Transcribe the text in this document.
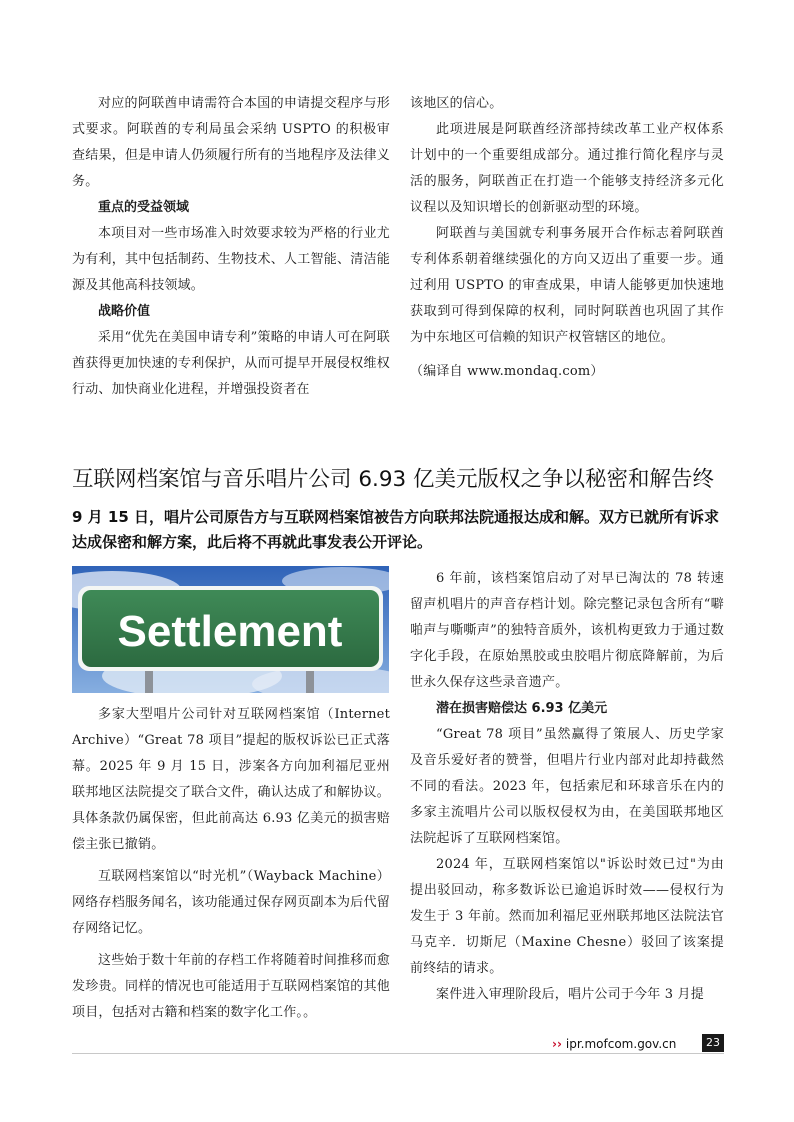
对应的阿联酋申请需符合本国的申请提交程序与形式要求。阿联酋的专利局虽会采纳 USPTO 的积极审查结果，但是申请人仍须履行所有的当地程序及法律义务。

重点的受益领域

本项目对一些市场准入时效要求较为严格的行业尤为有利，其中包括制药、生物技术、人工智能、清洁能源及其他高科技领域。

战略价值

采用“优先在美国申请专利”策略的申请人可在阿联酋获得更加快速的专利保护，从而可提早开展侵权维权行动、加快商业化进程，并增强投资者在

该地区的信心。

此项进展是阿联酋经济部持续改革工业产权体系计划中的一个重要组成部分。通过推行简化程序与灵活的服务，阿联酋正在打造一个能够支持经济多元化议程以及知识增长的创新驱动型的环境。

阿联酋与美国就专利事务展开合作标志着阿联酋专利体系朝着继续强化的方向又迈出了重要一步。通过利用 USPTO 的审查成果，申请人能够更加快速地获取到可得到保障的权利，同时阿联酋也巩固了其作为中东地区可信赖的知识产权管辖区的地位。

（编译自 www.mondaq.com）

互联网档案馆与音乐唱片公司 6.93 亿美元版权之争以秘密和解告终

9 月 15 日，唱片公司原告方与互联网档案馆被告方向联邦法院通报达成和解。双方已就所有诉求达成保密和解方案，此后将不再就此事发表公开评论。

Settlement

多家大型唱片公司针对互联网档案馆（Internet Archive）“Great 78 项目”提起的版权诉讼已正式落幕。2025 年 9 月 15 日，涉案各方向加利福尼亚州联邦地区法院提交了联合文件，确认达成了和解协议。具体条款仍属保密，但此前高达 6.93 亿美元的损害赔偿主张已撤销。

互联网档案馆以“时光机”（Wayback Machine）网络存档服务闻名，该功能通过保存网页副本为后代留存网络记忆。

这些始于数十年前的存档工作将随着时间推移而愈发珍贵。同样的情况也可能适用于互联网档案馆的其他项目，包括对古籍和档案的数字化工作。。

6 年前，该档案馆启动了对早已淘汰的 78 转速留声机唱片的声音存档计划。除完整记录包含所有“噼啪声与嘶嘶声”的独特音质外，该机构更致力于通过数字化手段，在原始黑胶或虫胶唱片彻底降解前，为后世永久保存这些录音遗产。

潜在损害赔偿达 6.93 亿美元

“Great 78 项目”虽然赢得了策展人、历史学家及音乐爱好者的赞誉，但唱片行业内部对此却持截然不同的看法。2023 年，包括索尼和环球音乐在内的多家主流唱片公司以版权侵权为由，在美国联邦地区法院起诉了互联网档案馆。

2024 年，互联网档案馆以"诉讼时效已过"为由提出驳回动，称多数诉讼已逾追诉时效——侵权行为发生于 3 年前。然而加利福尼亚州联邦地区法院法官马克辛．切斯尼（Maxine Chesne）驳回了该案提前终结的请求。

案件进入审理阶段后，唱片公司于今年 3 月提

›› ipr.mofcom.gov.cn	23
